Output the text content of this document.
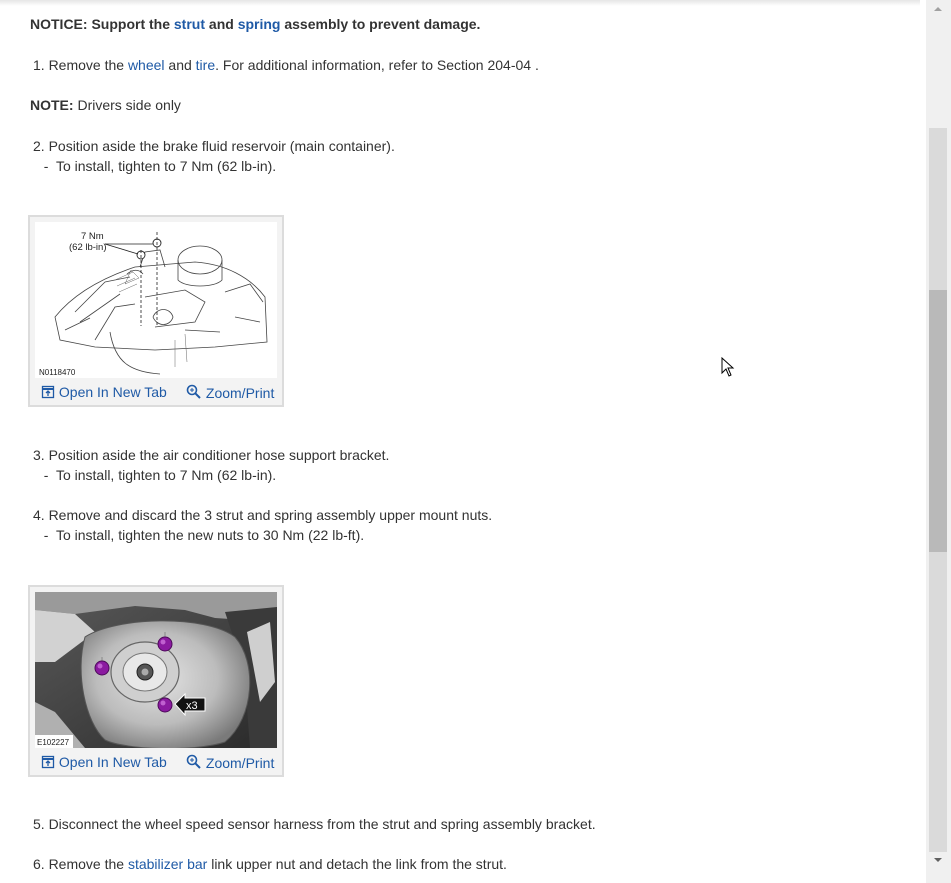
NOTICE: Support the strut and spring assembly to prevent damage.
1. Remove the wheel and tire. For additional information, refer to Section 204-04 .
NOTE: Drivers side only
2. Position aside the brake fluid reservoir (main container).
-  To install, tighten to 7 Nm (62 lb-in).
7 Nm
(62 lb-in)
N0118470
Open In New Tab	Zoom/Print
3. Position aside the air conditioner hose support bracket.
-  To install, tighten to 7 Nm (62 lb-in).
4. Remove and discard the 3 strut and spring assembly upper mount nuts.
-  To install, tighten the new nuts to 30 Nm (22 lb-ft).
x3
E102227
Open In New Tab	Zoom/Print
5. Disconnect the wheel speed sensor harness from the strut and spring assembly bracket.
6. Remove the stabilizer bar link upper nut and detach the link from the strut.
